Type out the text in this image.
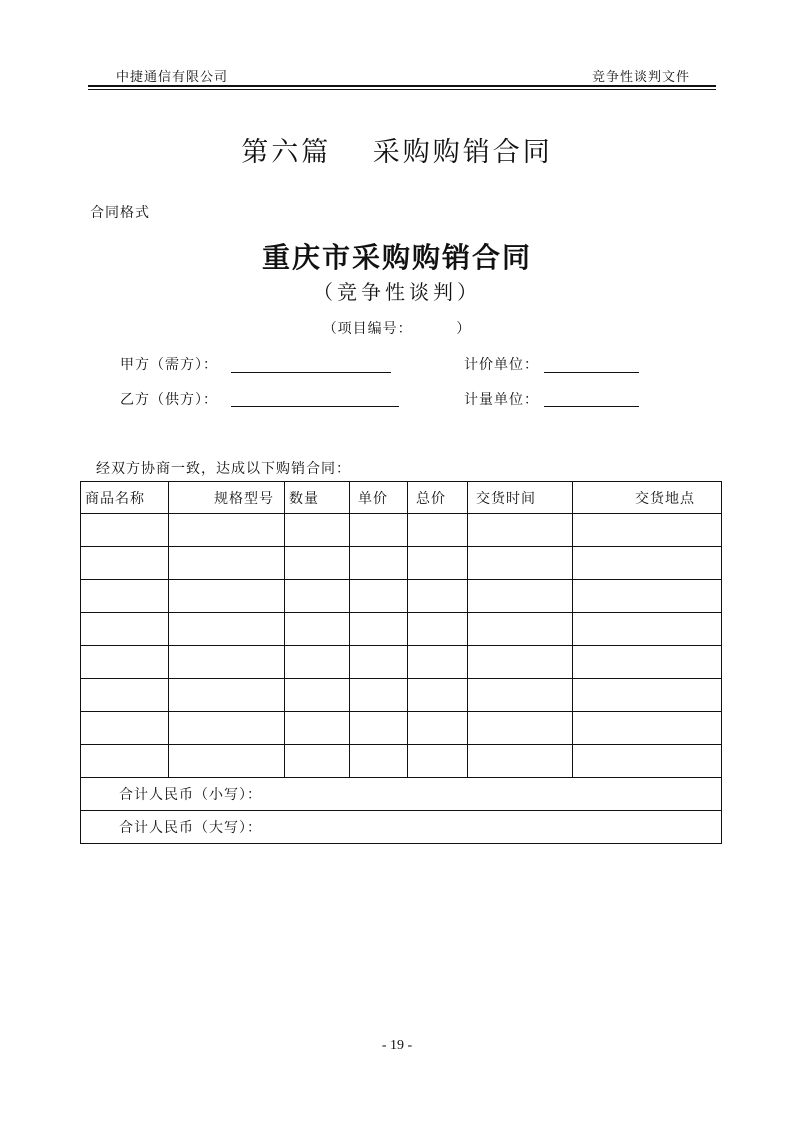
中捷通信有限公司	竞争性谈判文件
第六篇　 采购购销合同
合同格式
重庆市采购购销合同
（竞争性谈判）
（项目编号：        ）
甲方（需方）：	计价单位：
乙方（供方）：	计量单位：
经双方协商一致，达成以下购销合同：
商品名称	规格型号	数量	单价	总价	交货时间	交货地点

合计人民币（小写）：						
合计人民币（大写）：						
- 19 -
